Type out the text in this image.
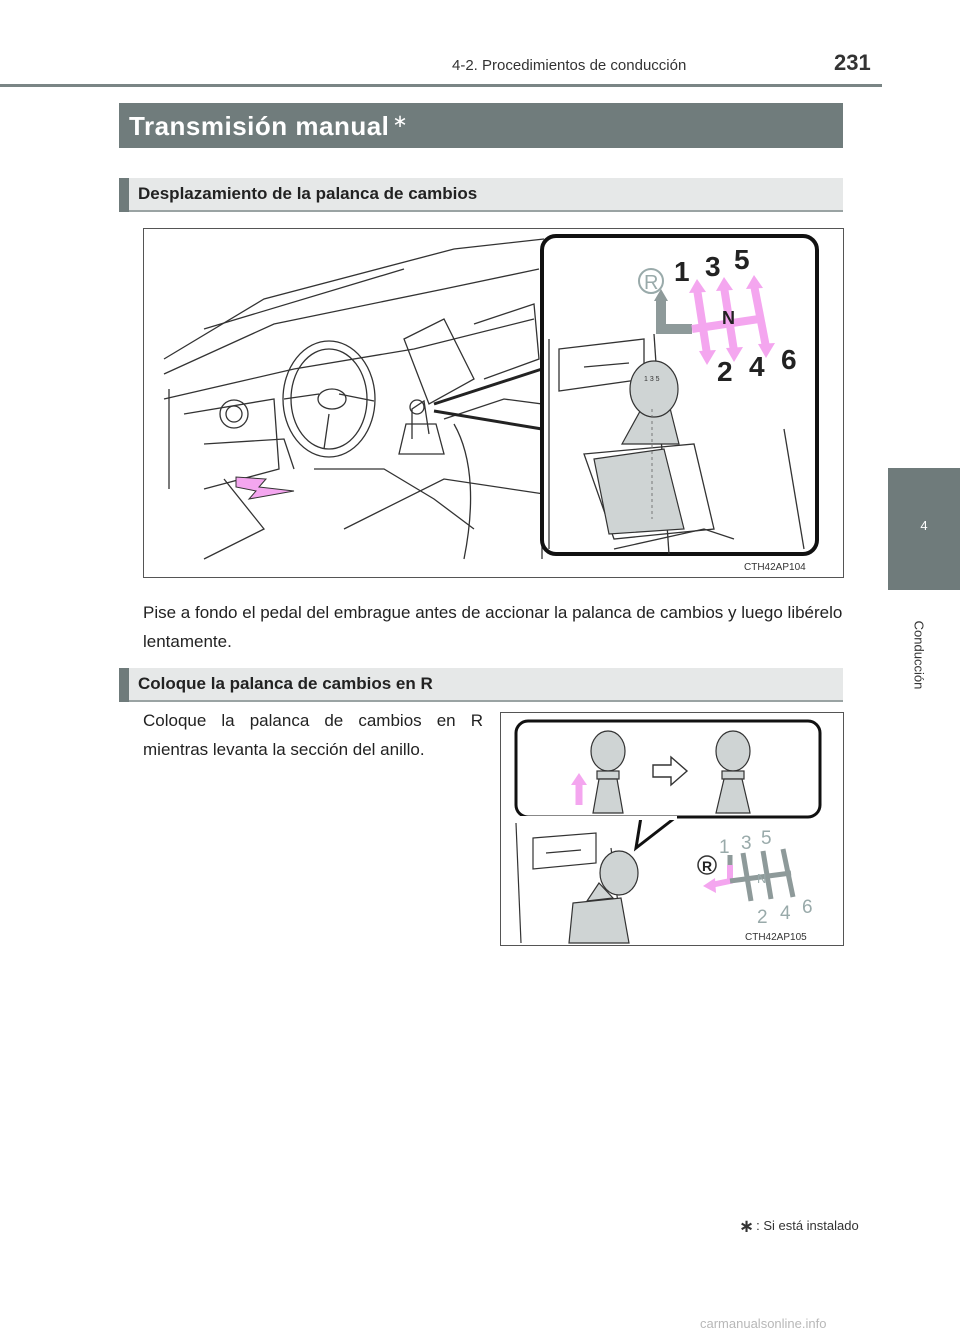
4-2. Procedimientos de conducción	231
4
Conducción
Transmisión manual ∗
Desplazamiento de la palanca de cambios
1 3 5
R 1 3 5
N
2 4 6
CTH42AP104
Pise a fondo el pedal del embrague antes de accionar la palanca de cambios y luego libérelo lentamente.
Coloque la palanca de cambios en R
Coloque la palanca de cambios en R
mientras levanta la sección del anillo.
R
1 3 5
N
2 4 6
CTH42AP105
∗ : Si está instalado
carmanualsonline.info
